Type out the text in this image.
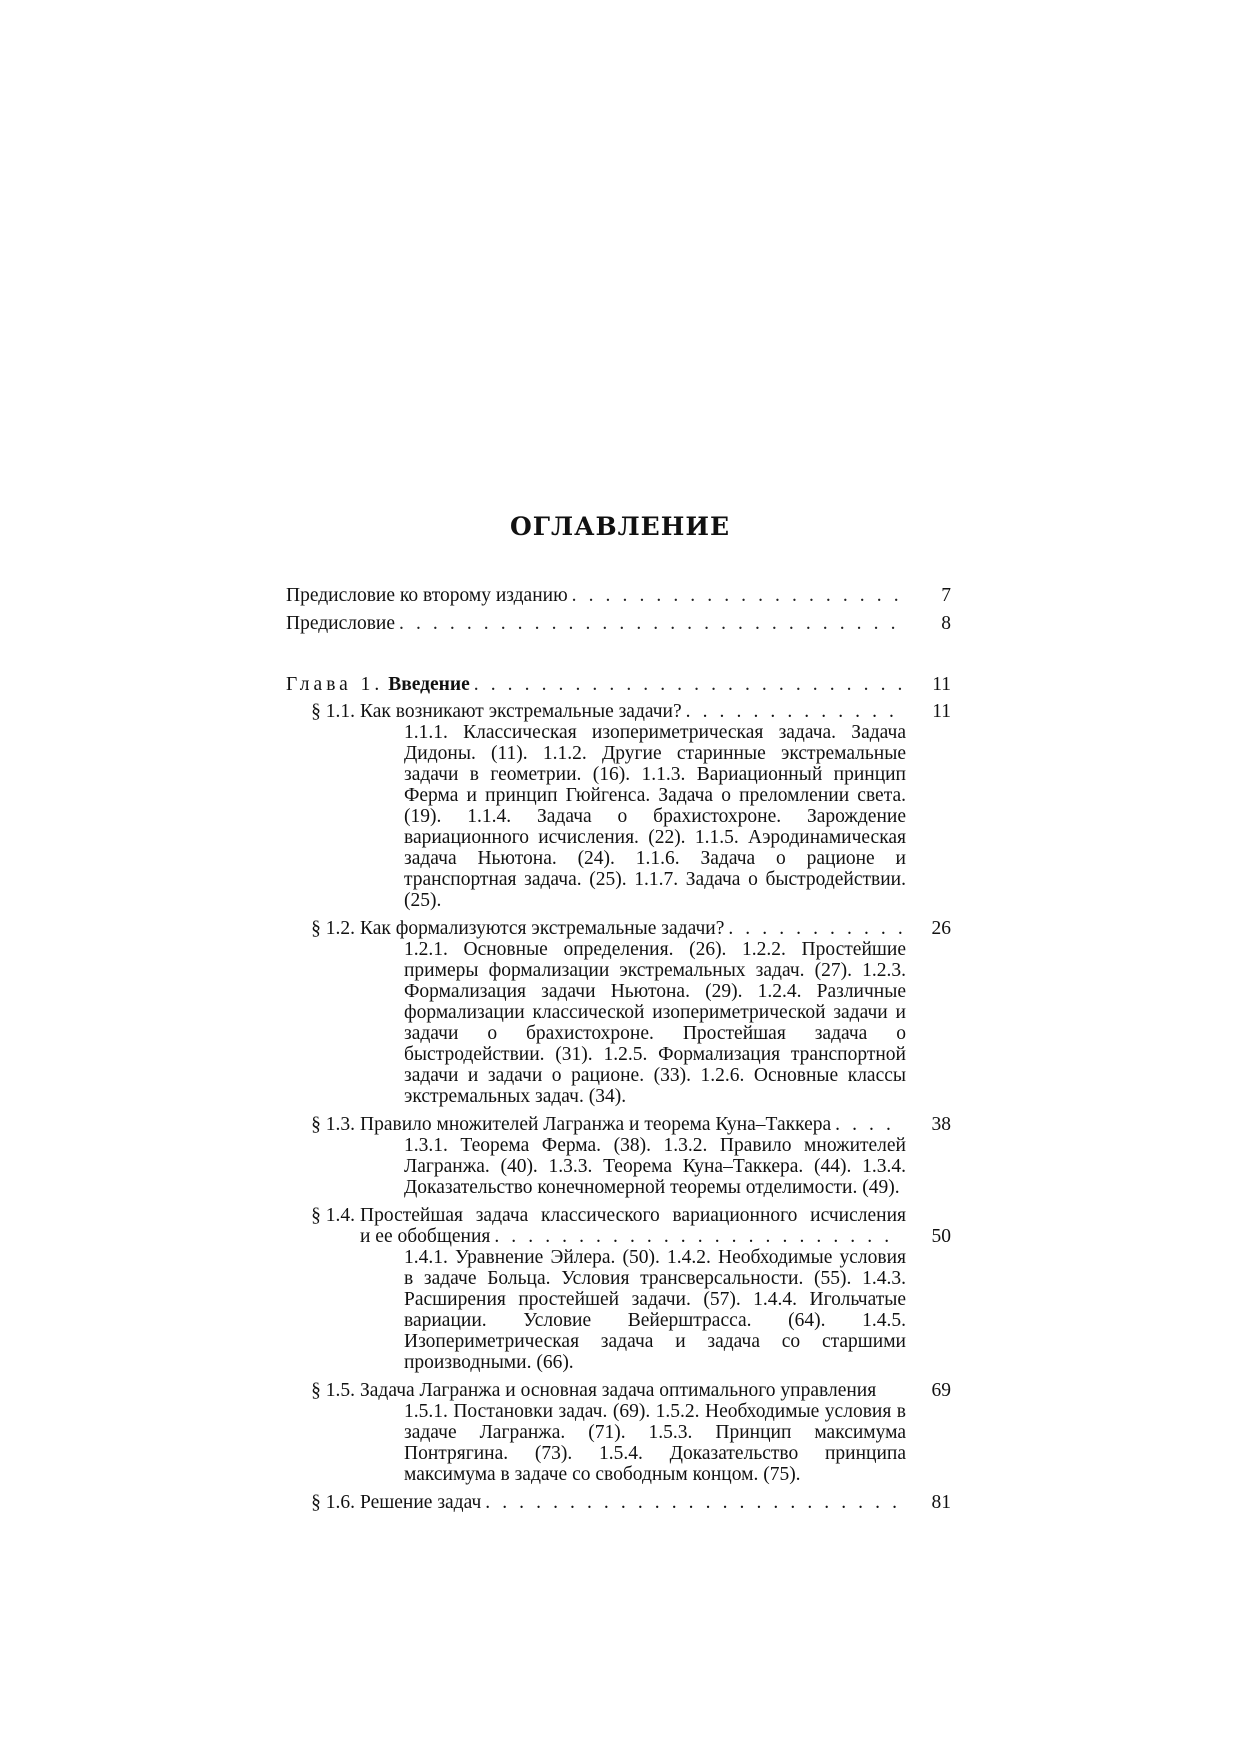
ОГЛАВЛЕНИЕ
Предисловие ко второму изданию . . .	7
Предисловие . . .	8
Глава 1. Введение . . .	11
§ 1.1. Как возникают экстремальные задачи? . . .	11
1.1.1. Классическая изопериметрическая задача. Задача Дидоны. (11). 1.1.2. Другие старинные экстремальные задачи в геометрии. (16). 1.1.3. Вариационный принцип Ферма и принцип Гюйгенса. Задача о преломлении света. (19). 1.1.4. Задача о брахистохроне. Зарождение вариационного исчисления. (22). 1.1.5. Аэродинамическая задача Ньютона. (24). 1.1.6. Задача о рационе и транспортная задача. (25). 1.1.7. Задача о быстродействии. (25).
§ 1.2. Как формализуются экстремальные задачи? . . .	26
1.2.1. Основные определения. (26). 1.2.2. Простейшие примеры формализации экстремальных задач. (27). 1.2.3. Формализация задачи Ньютона. (29). 1.2.4. Различные формализации классической изопериметрической задачи и задачи о брахистохроне. Простейшая задача о быстродействии. (31). 1.2.5. Формализация транспортной задачи и задачи о рационе. (33). 1.2.6. Основные классы экстремальных задач. (34).
§ 1.3. Правило множителей Лагранжа и теорема Куна–Таккера . . .	38
1.3.1. Теорема Ферма. (38). 1.3.2. Правило множителей Лагранжа. (40). 1.3.3. Теорема Куна–Таккера. (44). 1.3.4. Доказательство конечномерной теоремы отделимости. (49).
§ 1.4. Простейшая задача классического вариационного исчисления
и ее обобщения . . .	50
1.4.1. Уравнение Эйлера. (50). 1.4.2. Необходимые условия в задаче Больца. Условия трансверсальности. (55). 1.4.3. Расширения простейшей задачи. (57). 1.4.4. Игольчатые вариации. Условие Вейерштрасса. (64). 1.4.5. Изопериметрическая задача и задача со старшими производными. (66).
§ 1.5. Задача Лагранжа и основная задача оптимального управления	69
1.5.1. Постановки задач. (69). 1.5.2. Необходимые условия в задаче Лагранжа. (71). 1.5.3. Принцип максимума Понтрягина. (73). 1.5.4. Доказательство принципа максимума в задаче со свободным концом. (75).
§ 1.6. Решение задач . . .	81
